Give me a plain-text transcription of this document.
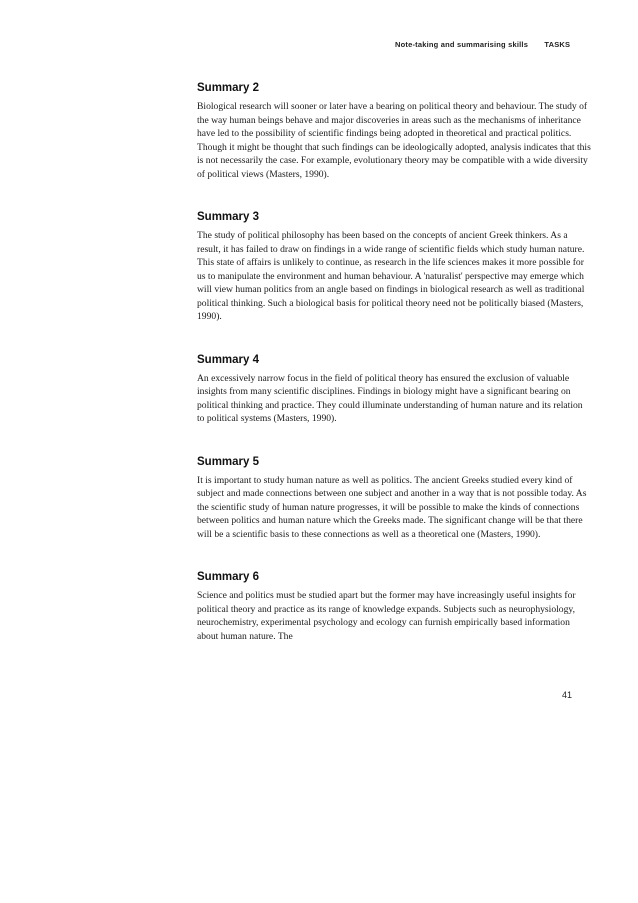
Note-taking and summarising skills TASKS
Summary 2

Biological research will sooner or later have a bearing on political theory and behaviour. The study of the way human beings behave and major discoveries in areas such as the mechanisms of inheritance have led to the possibility of scientific findings being adopted in theoretical and practical politics. Though it might be thought that such findings can be ideologically adopted, analysis indicates that this is not necessarily the case. For example, evolutionary theory may be compatible with a wide diversity of political views (Masters, 1990).

Summary 3

The study of political philosophy has been based on the concepts of ancient Greek thinkers. As a result, it has failed to draw on findings in a wide range of scientific fields which study human nature. This state of affairs is unlikely to continue, as research in the life sciences makes it more possible for us to manipulate the environment and human behaviour. A 'naturalist' perspective may emerge which will view human politics from an angle based on findings in biological research as well as traditional political thinking. Such a biological basis for political theory need not be politically biased (Masters, 1990).

Summary 4

An excessively narrow focus in the field of political theory has ensured the exclusion of valuable insights from many scientific disciplines. Findings in biology might have a significant bearing on political thinking and practice. They could illuminate understanding of human nature and its relation to political systems (Masters, 1990).

Summary 5

It is important to study human nature as well as politics. The ancient Greeks studied every kind of subject and made connections between one subject and another in a way that is not possible today. As the scientific study of human nature progresses, it will be possible to make the kinds of connections between politics and human nature which the Greeks made. The significant change will be that there will be a scientific basis to these connections as well as a theoretical one (Masters, 1990).

Summary 6

Science and politics must be studied apart but the former may have increasingly useful insights for political theory and practice as its range of knowledge expands. Subjects such as neurophysiology, neurochemistry, experimental psychology and ecology can furnish empirically based information about human nature. The

41
